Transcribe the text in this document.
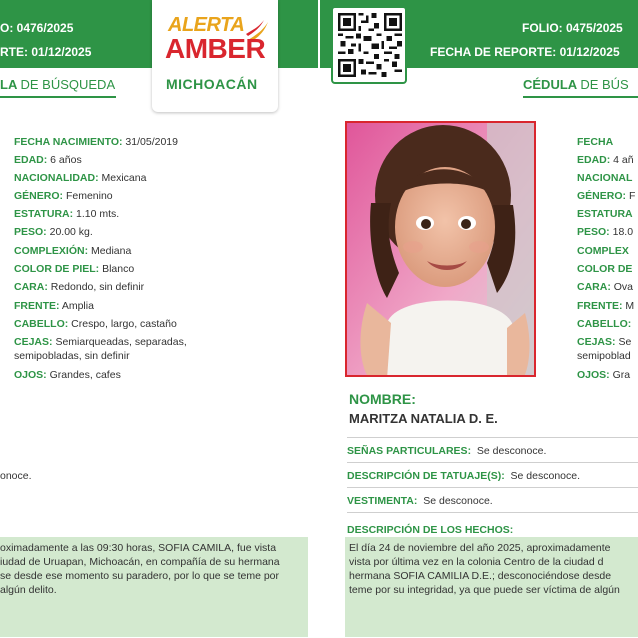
O: 0476/2025
RTE: 01/12/2025
FOLIO: 0475/2025
FECHA DE REPORTE: 01/12/2025
ALERTA
AMBER
MICHOACÁN
LA DE BÚSQUEDA	CÉDULA DE BÚS
FECHA NACIMIENTO: 31/05/2019
EDAD: 6 años
NACIONALIDAD: Mexicana
GÉNERO: Femenino
ESTATURA: 1.10 mts.
PESO: 20.00 kg.
COMPLEXIÓN: Mediana
COLOR DE PIEL: Blanco
CARA: Redondo, sin definir
FRENTE: Amplia
CABELLO: Crespo, largo, castaño
CEJAS: Semiarqueadas, separadas,
semipobladas, sin definir
OJOS: Grandes, cafes
onoce.
FECHA
EDAD: 4 añ
NACIONAL
GÉNERO: F
ESTATURA
PESO: 18.0
COMPLEX
COLOR DE
CARA: Ova
FRENTE: M
CABELLO:
CEJAS: Se
semipoblad
OJOS: Gra
NOMBRE:
MARITZA NATALIA D. E.
SEÑAS PARTICULARES: Se desconoce.
DESCRIPCIÓN DE TATUAJE(S): Se desconoce.
VESTIMENTA: Se desconoce.
DESCRIPCIÓN DE LOS HECHOS:
oximadamente a las 09:30 horas, SOFIA CAMILA, fue vista
iudad de Uruapan, Michoacán, en compañía de su hermana
se desde ese momento su paradero, por lo que se teme por
algún delito.
El día 24 de noviembre del año 2025, aproximadamente
vista por última vez en la colonia Centro de la ciudad d
hermana SOFIA CAMILIA D.E.; desconociéndose desde
teme por su integridad, ya que puede ser víctima de algún
